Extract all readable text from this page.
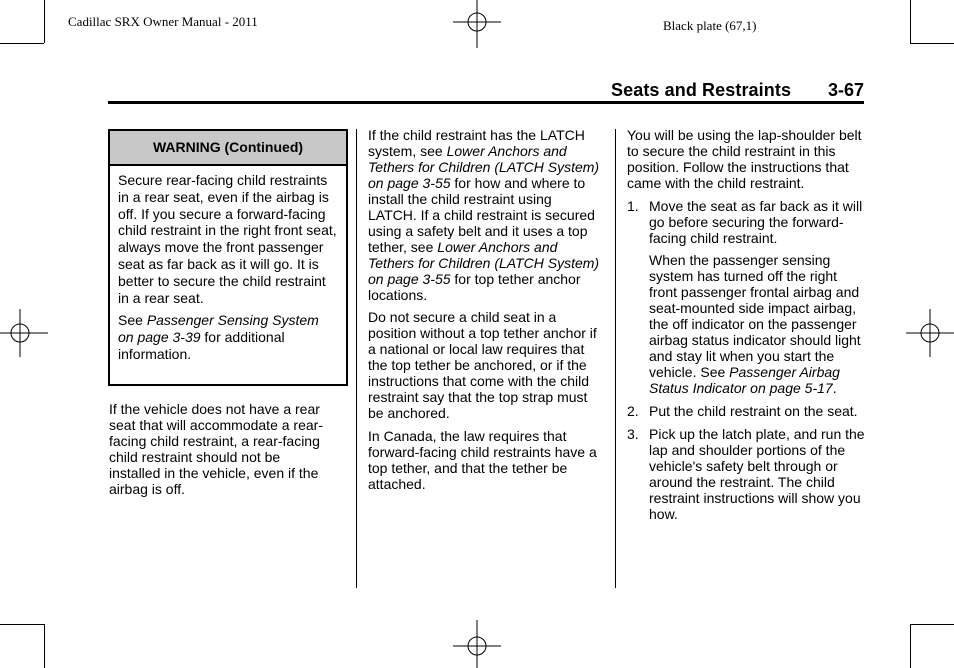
Cadillac SRX Owner Manual - 2011	Black plate (67,1)
Seats and Restraints 3-67
WARNING (Continued)

Secure rear-facing child restraints in a rear seat, even if the airbag is off. If you secure a forward-facing child restraint in the right front seat, always move the front passenger seat as far back as it will go. It is better to secure the child restraint in a rear seat.

See Passenger Sensing System on page 3-39 for additional information.

If the vehicle does not have a rear seat that will accommodate a rear-facing child restraint, a rear-facing child restraint should not be installed in the vehicle, even if the airbag is off.

If the child restraint has the LATCH system, see Lower Anchors and Tethers for Children (LATCH System) on page 3-55 for how and where to install the child restraint using LATCH. If a child restraint is secured using a safety belt and it uses a top tether, see Lower Anchors and Tethers for Children (LATCH System) on page 3-55 for top tether anchor locations.

Do not secure a child seat in a position without a top tether anchor if a national or local law requires that the top tether be anchored, or if the instructions that come with the child restraint say that the top strap must be anchored.

In Canada, the law requires that forward-facing child restraints have a top tether, and that the tether be attached.

You will be using the lap-shoulder belt to secure the child restraint in this position. Follow the instructions that came with the child restraint.

1. Move the seat as far back as it will go before securing the forward-facing child restraint.

When the passenger sensing system has turned off the right front passenger frontal airbag and seat-mounted side impact airbag, the off indicator on the passenger airbag status indicator should light and stay lit when you start the vehicle. See Passenger Airbag Status Indicator on page 5-17.

2. Put the child restraint on the seat.
3. Pick up the latch plate, and run the lap and shoulder portions of the vehicle's safety belt through or around the restraint. The child restraint instructions will show you how.
